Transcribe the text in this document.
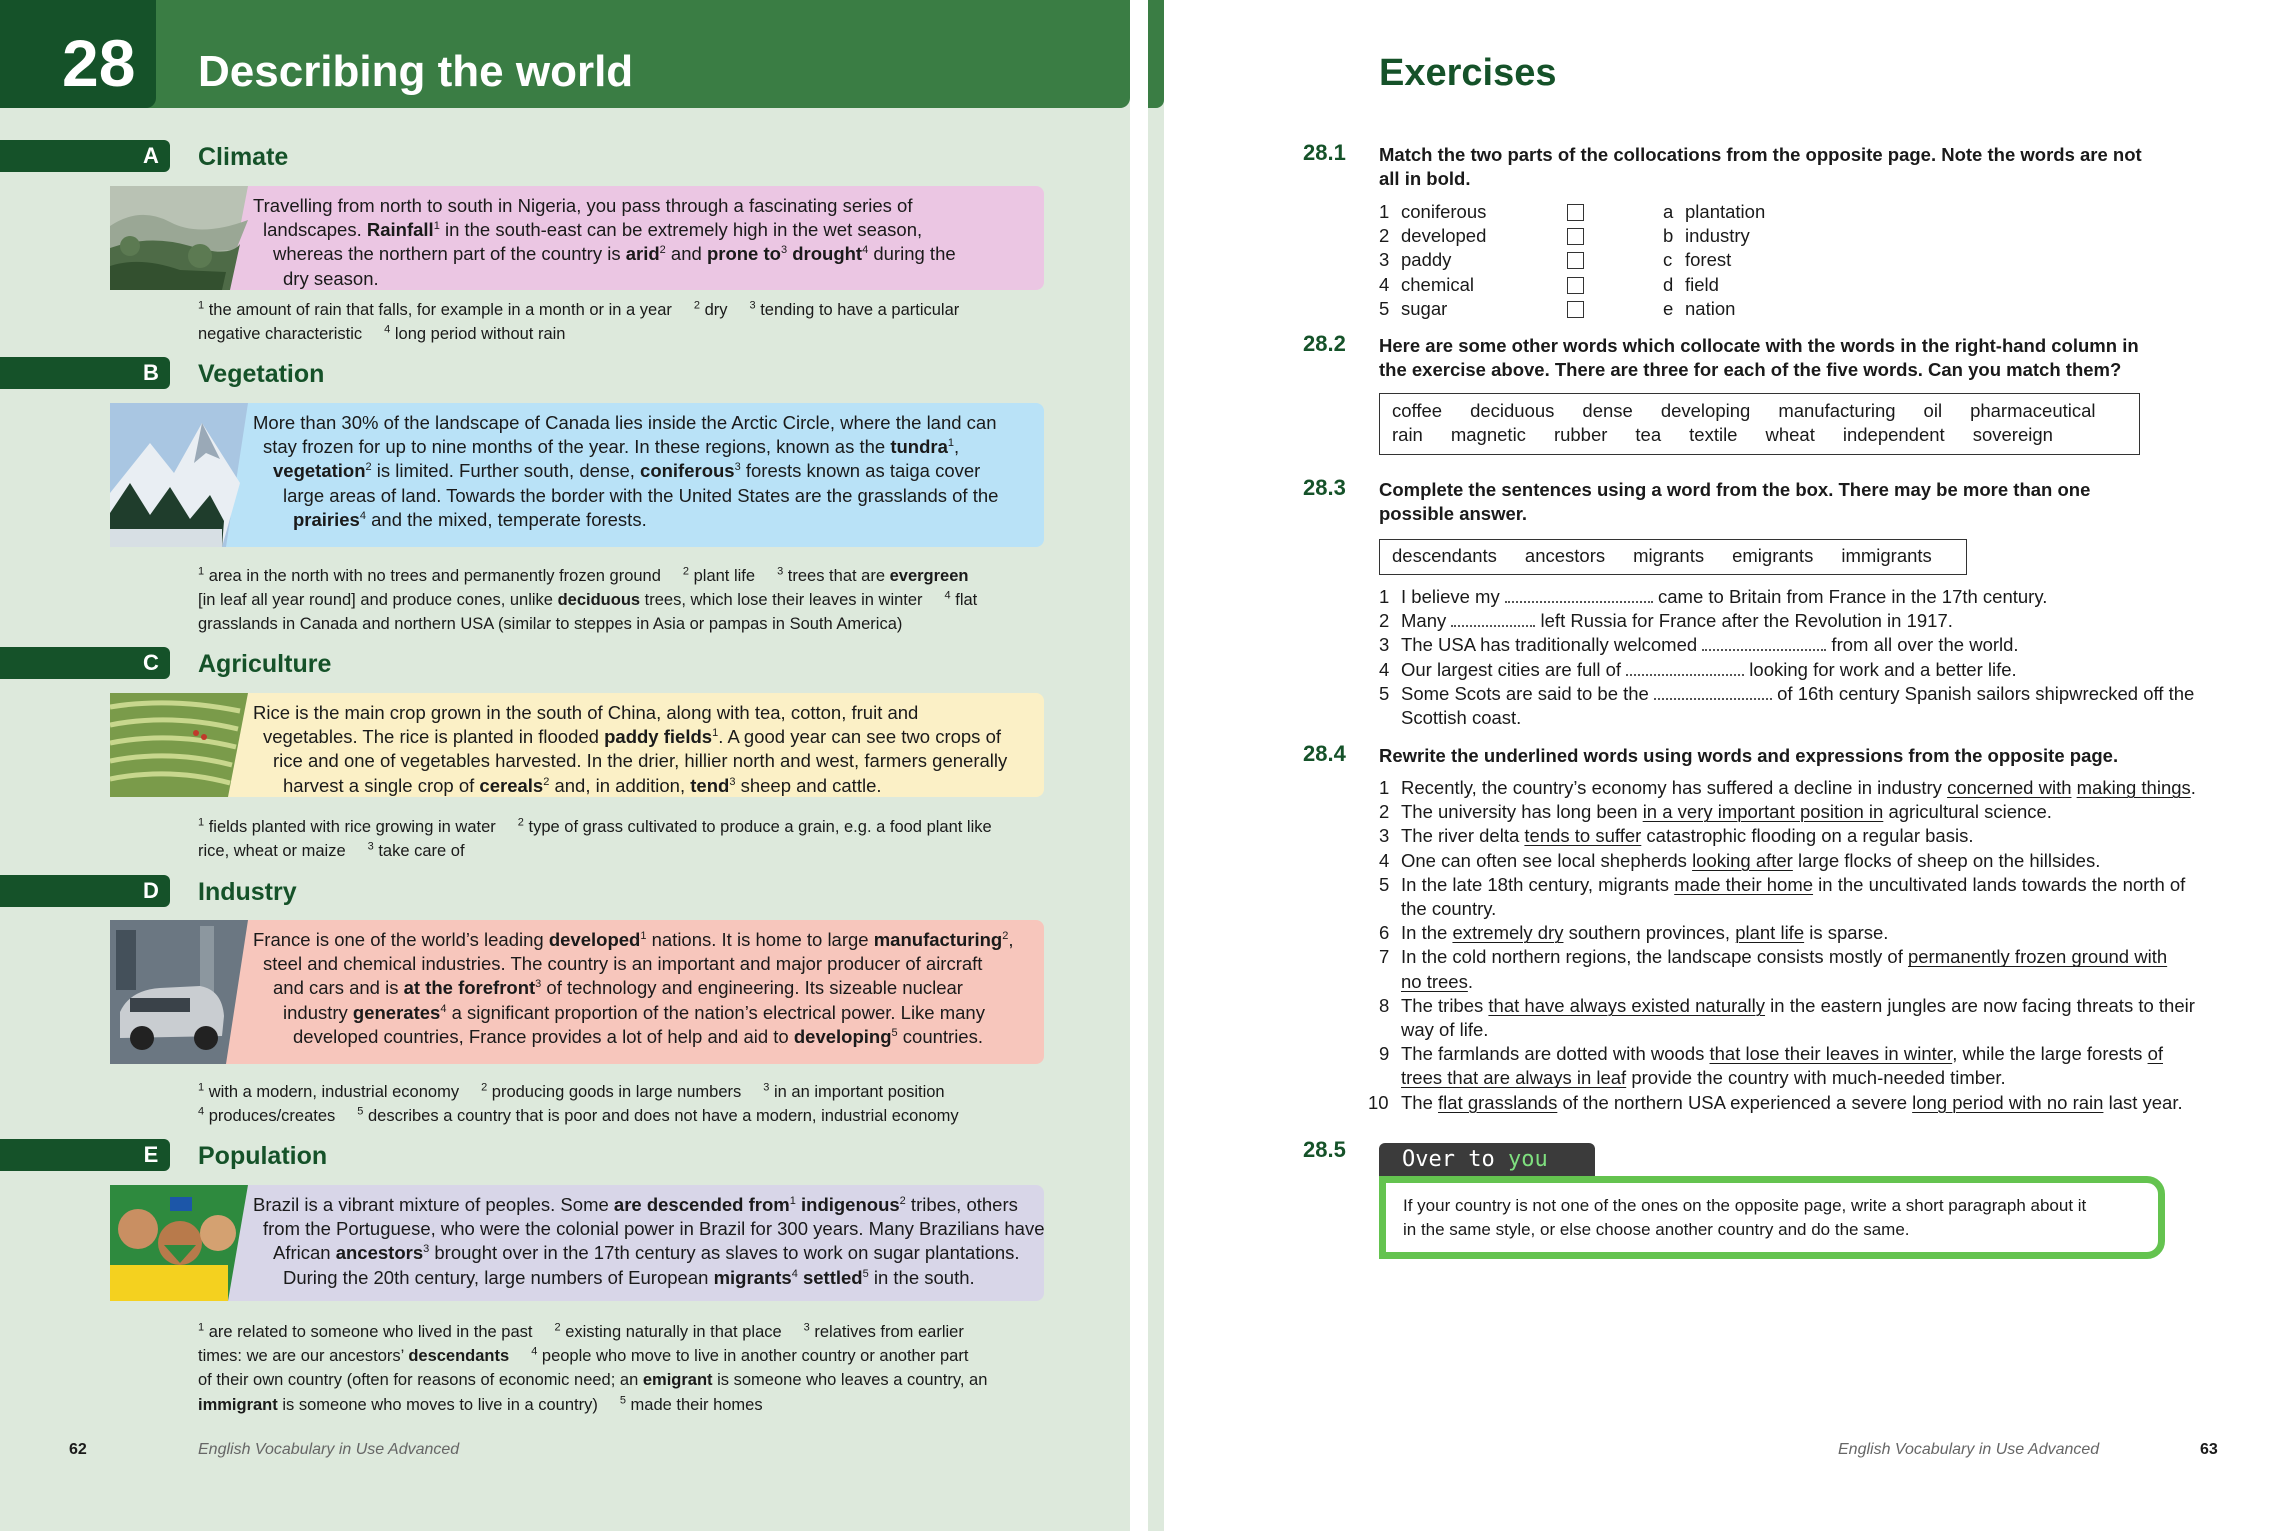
28 Describing the world
A Climate
Travelling from north to south in Nigeria, you pass through a fascinating series of
landscapes. Rainfall$^1$ in the south-east can be extremely high in the wet season,
whereas the northern part of the country is arid$^2$ and prone $to^3$ drought$^4$ during the
dry season.
$^1$ the amount of rain that falls, for example in a month or in a year $^2$ dry $^3$ tending to have a particular
negative characteristic $^4$ long period without rain
B Vegetation
More than 30% of the landscape of Canada lies inside the Arctic Circle, where the land can
stay frozen for up to nine months of the year. In these regions, known as the tundra$^1$,
vegetation$^2$ is limited. Further south, dense, coniferous$^3$ forests known as taiga cover
large areas of land. Towards the border with the United States are the grasslands of the
prairies$^4$ and the mixed, temperate forests.
$^1$ area in the north with no trees and permanently frozen ground $^2$ plant life $^3$ trees that are evergreen
[in leaf all year round] and produce cones, unlike deciduous trees, which lose their leaves in winter $^4$ flat
grasslands in Canada and northern USA (similar to steppes in Asia or pampas in South America)
C Agriculture
Rice is the main crop grown in the south of China, along with tea, cotton, fruit and
vegetables. The rice is planted in flooded paddy fields$^1$. A good year can see two crops of
rice and one of vegetables harvested. In the drier, hillier north and west, farmers generally
harvest a single crop of cereals$^2$ and, in addition, tend$^3$ sheep and cattle.
$^1$ fields planted with rice growing in water $^2$ type of grass cultivated to produce a grain, e.g. a food plant like
rice, wheat or maize $^3$ take care of
D Industry
France is one of the world’s leading developed$^1$ nations. It is home to large manufacturing$^2$,
steel and chemical industries. The country is an important and major producer of aircraft
and cars and is at the forefront$^3$ of technology and engineering. Its sizeable nuclear
industry generates$^4$ a significant proportion of the nation’s electrical power. Like many
developed countries, France provides a lot of help and aid to developing$^5$ countries.
$^1$ with a modern, industrial economy $^2$ producing goods in large numbers $^3$ in an important position
$^4$ produces/creates $^5$ describes a country that is poor and does not have a modern, industrial economy
E Population
Brazil is a vibrant mixture of peoples. Some are descended from$^1$ indigenous$^2$ tribes, others
from the Portuguese, who were the colonial power in Brazil for 300 years. Many Brazilians have
African ancestors$^3$ brought over in the 17th century as slaves to work on sugar plantations.
During the 20th century, large numbers of European migrants$^4$ settled$^5$ in the south.
$^1$ are related to someone who lived in the past $^2$ existing naturally in that place $^3$ relatives from earlier
times: we are our ancestors’ descendants $^4$ people who move to live in another country or another part
of their own country (often for reasons of economic need; an emigrant is someone who leaves a country, an
immigrant is someone who moves to live in a country) $^5$ made their homes
62	English Vocabulary in Use Advanced
Exercises
28.1 Match the two parts of the collocations from the opposite page. Note the words are not
all in bold.
1 coniferous	a plantation
2 developed	b industry
3 paddy	c forest
4 chemical	d field
5 sugar	e nation
28.2 Here are some other words which collocate with the words in the right-hand column in
the exercise above. There are three for each of the five words. Can you match them?
coffee deciduous dense developing manufacturing oil pharmaceutical
rain magnetic rubber tea textile wheat independent sovereign
28.3 Complete the sentences using a word from the box. There may be more than one
possible answer.
descendants ancestors migrants emigrants immigrants
1 I believe my	came to Britain from France in the 17th century.
2 Many	left Russia for France after the Revolution in 1917.
3 The USA has traditionally welcomed	from all over the world.
4 Our largest cities are full of	looking for work and a better life.
5 Some Scots are said to be the	of 16th century Spanish sailors shipwrecked off the
Scottish coast.
28.4 Rewrite the underlined words using words and expressions from the opposite page.
1 Recently, the country’s economy has suffered a decline in industry concerned with making things.
2 The university has long been in a very important position in agricultural science.
3 The river delta tends to suffer catastrophic flooding on a regular basis.
4 One can often see local shepherds looking after large flocks of sheep on the hillsides.
5 In the late 18th century, migrants made their home in the uncultivated lands towards the north of
the country.
6 In the extremely dry southern provinces, plant life is sparse.
7 In the cold northern regions, the landscape consists mostly of permanently frozen ground with
no trees.
8 The tribes that have always existed naturally in the eastern jungles are now facing threats to their
way of life.
9 The farmlands are dotted with woods that lose their leaves in winter, while the large forests of
trees that are always in leaf provide the country with much-needed timber.
10 The flat grasslands of the northern USA experienced a severe long period with no rain last year.
28.5	Over to you
If your country is not one of the ones on the opposite page, write a short paragraph about it
in the same style, or else choose another country and do the same.
English Vocabulary in Use Advanced	63
